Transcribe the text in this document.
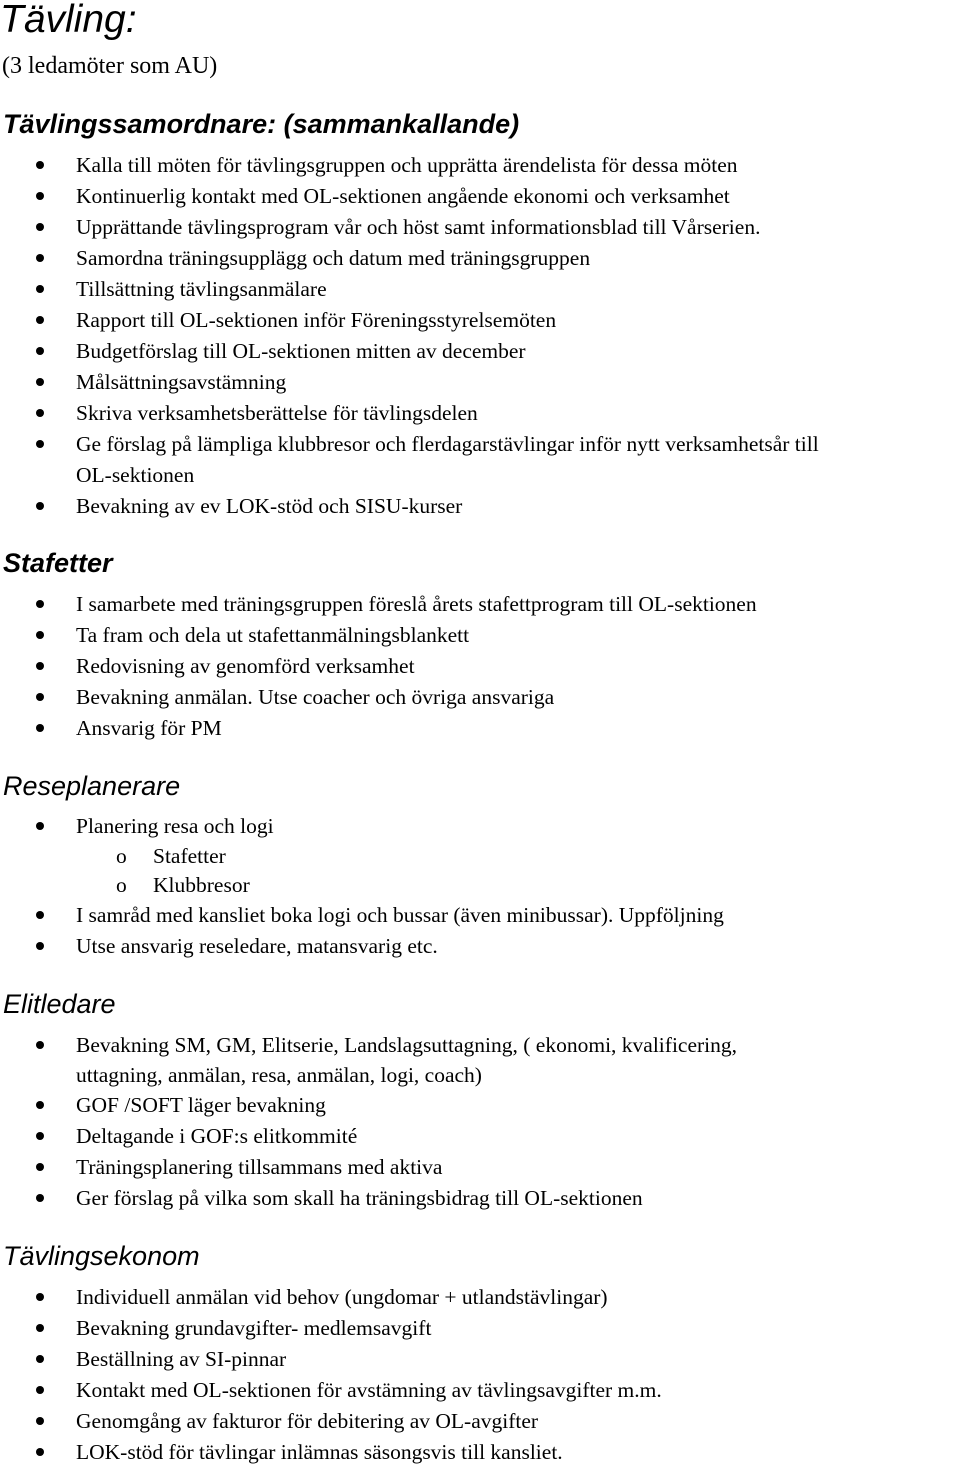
Tävling:
(3 ledamöter som AU)
Tävlingssamordnare: (sammankallande)
Kalla till möten för tävlingsgruppen och upprätta ärendelista för dessa möten
Kontinuerlig kontakt med OL-sektionen angående ekonomi och verksamhet
Upprättande tävlingsprogram vår och höst samt informationsblad till Vårserien.
Samordna träningsupplägg och datum med träningsgruppen
Tillsättning tävlingsanmälare
Rapport till OL-sektionen inför Föreningsstyrelsemöten
Budgetförslag till OL-sektionen mitten av december
Målsättningsavstämning
Skriva verksamhetsberättelse för tävlingsdelen
Ge förslag på lämpliga klubbresor och flerdagarstävlingar inför nytt verksamhetsår till
OL-sektionen
Bevakning av ev LOK-stöd och SISU-kurser
Stafetter
I samarbete med träningsgruppen föreslå årets stafettprogram till OL-sektionen
Ta fram och dela ut stafettanmälningsblankett
Redovisning av genomförd verksamhet
Bevakning anmälan. Utse coacher och övriga ansvariga
Ansvarig för PM
Reseplanerare
Planering resa och logi
o Stafetter
o Klubbresor
I samråd med kansliet boka logi och bussar (även minibussar). Uppföljning
Utse ansvarig reseledare, matansvarig etc.
Elitledare
Bevakning SM, GM, Elitserie, Landslagsuttagning, ( ekonomi, kvalificering,
uttagning, anmälan, resa, anmälan, logi, coach)
GOF /SOFT läger bevakning
Deltagande i GOF:s elitkommité
Träningsplanering tillsammans med aktiva
Ger förslag på vilka som skall ha träningsbidrag till OL-sektionen
Tävlingsekonom
Individuell anmälan vid behov (ungdomar + utlandstävlingar)
Bevakning grundavgifter- medlemsavgift
Beställning av SI-pinnar
Kontakt med OL-sektionen för avstämning av tävlingsavgifter m.m.
Genomgång av fakturor för debitering av OL-avgifter
LOK-stöd för tävlingar inlämnas säsongsvis till kansliet.
